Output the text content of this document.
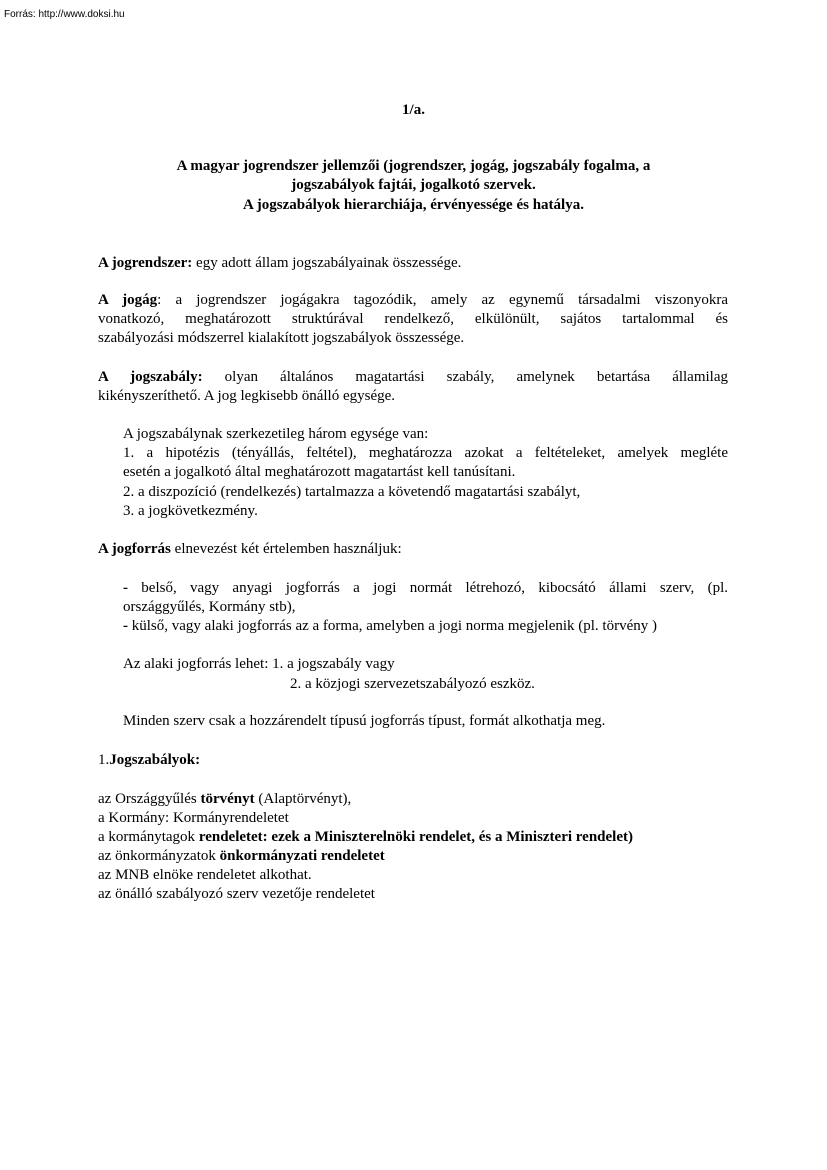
Forrás: http://www.doksi.hu
1/a.
A magyar jogrendszer jellemzői (jogrendszer, jogág, jogszabály fogalma, a
jogszabályok fajtái, jogalkotó szervek.
A jogszabályok hierarchiája, érvényessége és hatálya.
A jogrendszer: egy adott állam jogszabályainak összessége.
A jogág: a jogrendszer jogágakra tagozódik, amely az egynemű társadalmi viszonyokra
vonatkozó, meghatározott struktúrával rendelkező, elkülönült, sajátos tartalommal és
szabályozási módszerrel kialakított jogszabályok összessége.
A jogszabály: olyan általános magatartási szabály, amelynek betartása államilag
kikényszeríthető. A jog legkisebb önálló egysége.
A jogszabálynak szerkezetileg három egysége van:
1. a hipotézis (tényállás, feltétel), meghatározza azokat a feltételeket, amelyek megléte
esetén a jogalkotó által meghatározott magatartást kell tanúsítani.
2. a diszpozíció (rendelkezés) tartalmazza a követendő magatartási szabályt,
3. a jogkövetkezmény.
A jogforrás elnevezést két értelemben használjuk:
- belső, vagy anyagi jogforrás a jogi normát létrehozó, kibocsátó állami szerv, (pl.
országgyűlés, Kormány stb),
- külső, vagy alaki jogforrás az a forma, amelyben a jogi norma megjelenik (pl. törvény )
Az alaki jogforrás lehet: 1. a jogszabály vagy
2. a közjogi szervezetszabályozó eszköz.
Minden szerv csak a hozzárendelt típusú jogforrás típust, formát alkothatja meg.
1.Jogszabályok:
az Országgyűlés törvényt (Alaptörvényt),
a Kormány: Kormányrendeletet
a kormánytagok rendeletet: ezek a Miniszterelnöki rendelet, és a Miniszteri rendelet)
az önkormányzatok önkormányzati rendeletet
az MNB elnöke rendeletet alkothat.
az önálló szabályozó szerv vezetője rendeletet
